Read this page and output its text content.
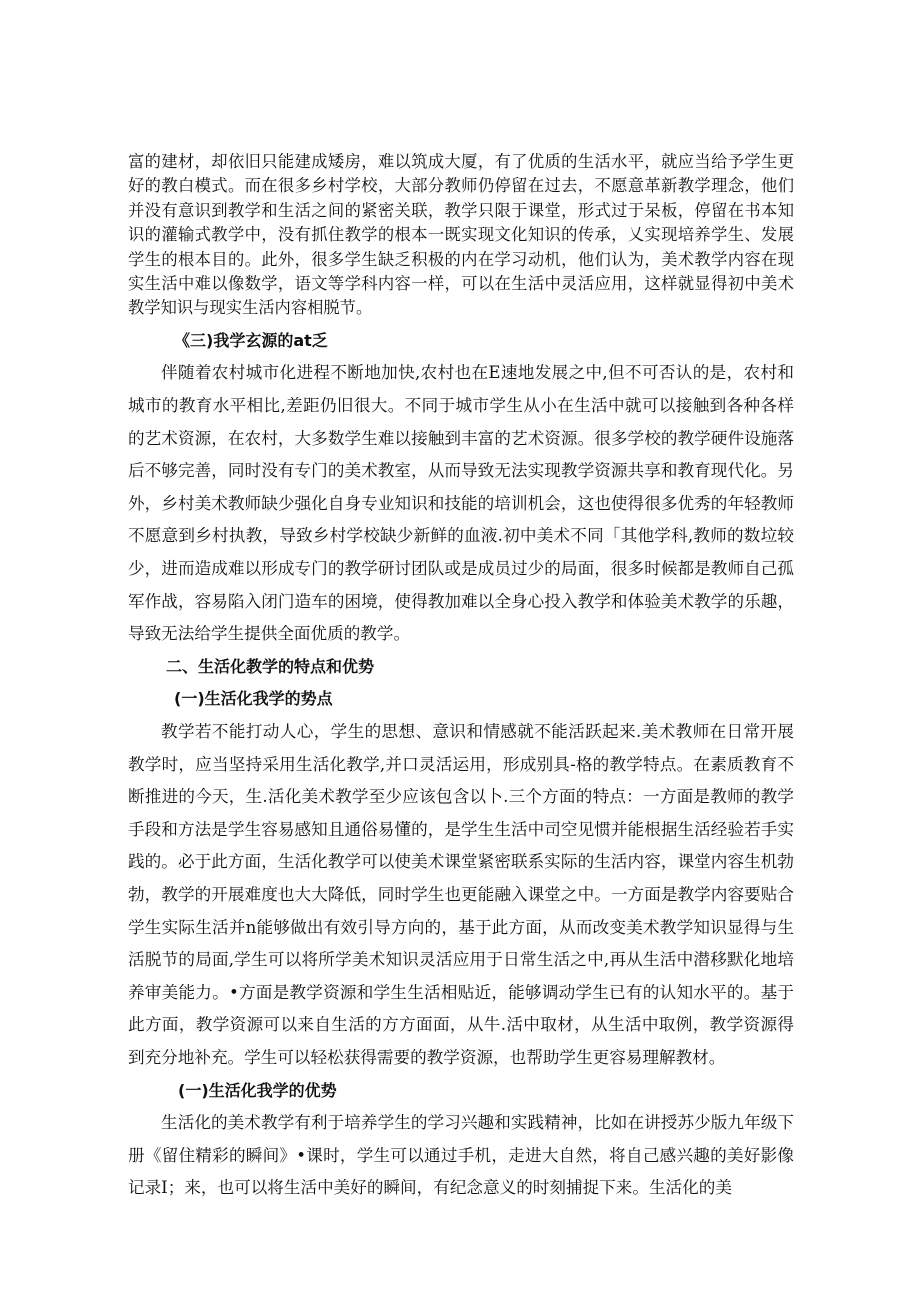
富的建材，却依旧只能建成矮房，难以筑成大厦，有了优质的生活水平，就应当给予学生更好的教白模式。而在很多乡村学校，大部分教师仍停留在过去，不愿意革新教学理念，他们并没有意识到教学和生活之间的紧密关联，教学只限于课堂，形式过于呆板，停留在书本知识的灌输式教学中，没有抓住教学的根本一既实现文化知识的传承，乂实现培养学生、发展学生的根本目的。此外，很多学生缺乏积极的内在学习动机，他们认为，美术教学内容在现实生活中难以像数学，语文等学科内容一样，可以在生活中灵活应用，这样就显得初中美术教学知识与现实生活内容相脱节。

《三)我学玄源的at乏

伴随着农村城市化进程不断地加快,农村也在E速地发展之中,但不可否认的是，农村和城市的教育水平相比,差距仍旧很大。不同于城市学生从小在生活中就可以接触到各种各样的艺术资源，在农村，大多数学生难以接触到丰富的艺术资源。很多学校的教学硬件设施落后不够完善，同时没有专门的美术教室，从而导致无法实现教学资源共享和教育现代化。另外，乡村美术教师缺少强化自身专业知识和技能的培训机会，这也使得很多优秀的年轻教师不愿意到乡村执教，导致乡村学校缺少新鲜的血液.初中美术不同「其他学科,教师的数垃较少，进而造成难以形成专门的教学研讨团队或是成员过少的局面，很多时候都是教师自己孤军作战，容易陷入闭门造车的困境，使得教加难以全身心投入教学和体验美术教学的乐趣，导致无法给学生提供全面优质的教学。

二、生活化教学的特点和优势

(一)生活化我学的势点

教学若不能打动人心，学生的思想、意识和情感就不能活跃起来.美术教师在日常开展教学时，应当坚持采用生活化教学,并口灵活运用，形成别具-格的教学特点。在素质教育不断推进的今天，生.活化美术教学至少应该包含以卜.三个方面的特点：一方面是教师的教学手段和方法是学生容易感知且通俗易懂的，是学生生活中司空见惯并能根据生活经验若手实践的。必于此方面，生活化教学可以使美术课堂紧密联系实际的生活内容，课堂内容生机勃勃，教学的开展难度也大大降低，同时学生也更能融入课堂之中。一方面是教学内容要贴合学生实际生活并n能够做出有效引导方向的，基于此方面，从而改变美术教学知识显得与生活脱节的局面,学生可以将所学美术知识灵活应用于日常生活之中,再从生活中潜移默化地培养审美能力。•方面是教学资源和学生生活相贴近，能够调动学生已有的认知水平的。基于此方面，教学资源可以来自生活的方方面面，从牛.活中取材，从生活中取例，教学资源得到充分地补充。学生可以轻松获得需要的教学资源，也帮助学生更容易理解教材。

(一)生活化我学的优势

生活化的美术教学有利于培养学生的学习兴趣和实践精神，比如在讲授苏少版九年级下册《留住精彩的瞬间》•课时，学生可以通过手机，走进大自然，将自己感兴趣的美好影像记录I；来，也可以将生活中美好的瞬间，有纪念意义的时刻捕捉下来。生活化的美
